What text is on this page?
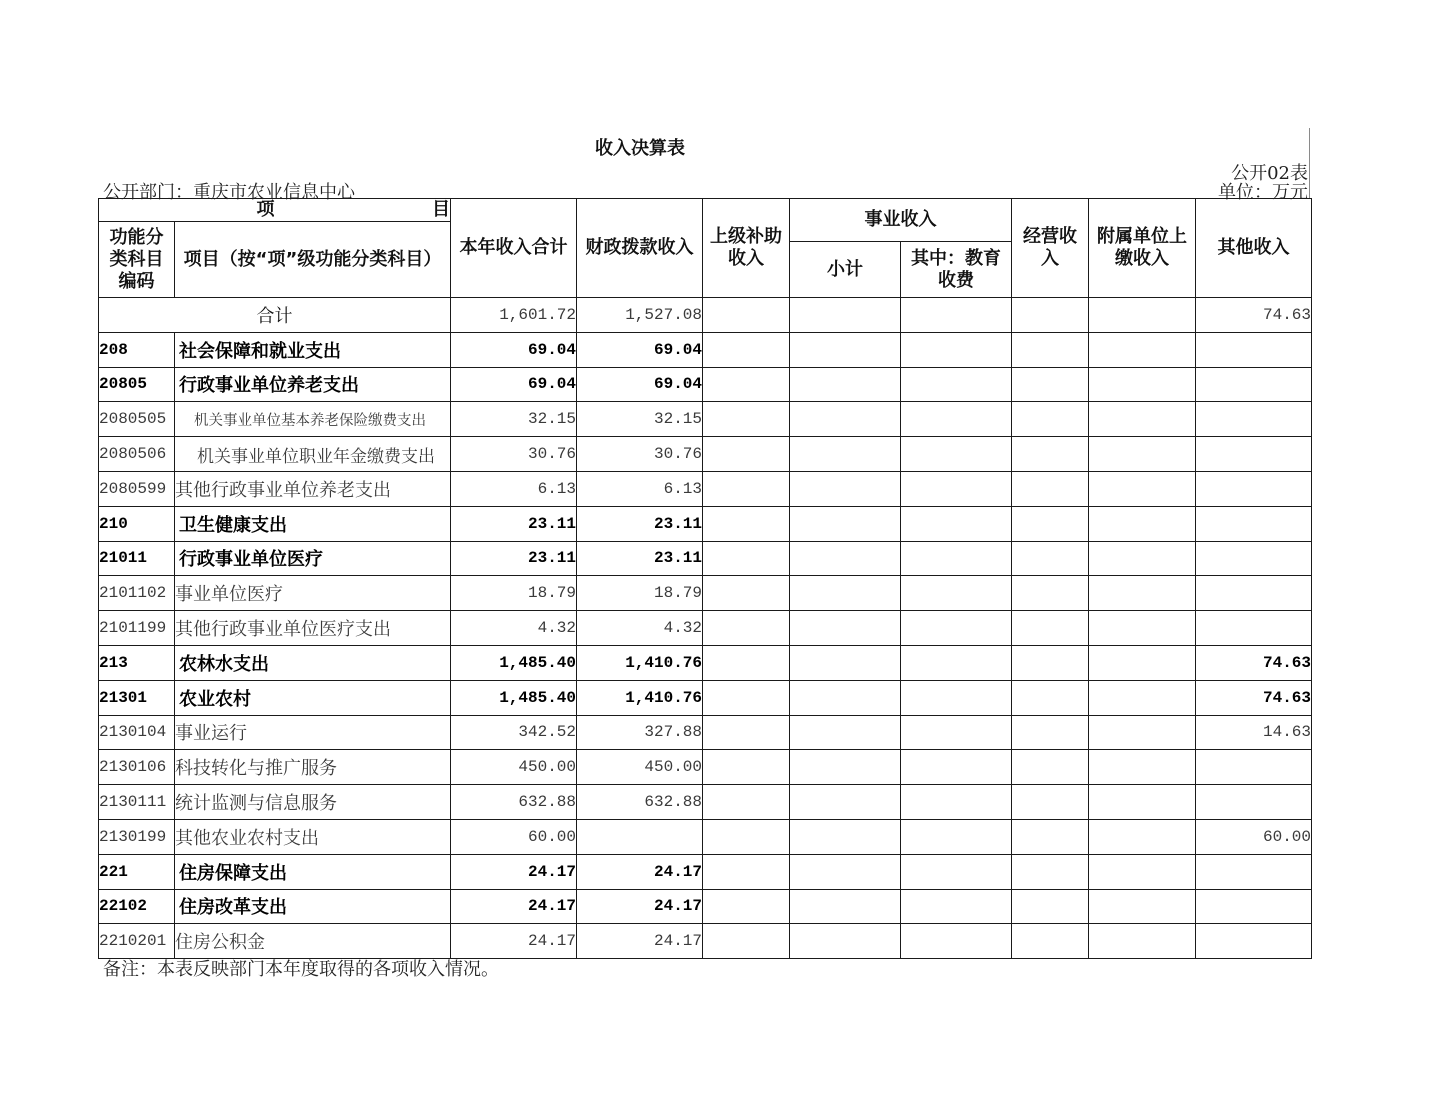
收入决算表
公开02表
公开部门：重庆市农业信息中心	单位：万元
项 目		本年收入合计	财政拨款收入	上级补助收入	事业收入		经营收入	附属单位上缴收入	其他收入
功能分类科目编码	项目（按“项”级功能分类科目）								
					小计	其中：教育收费			
合计		1,601.72	1,527.08						74.63
208	社会保障和就业支出	69.04	69.04						
20805	行政事业单位养老支出	69.04	69.04						
2080505	机关事业单位基本养老保险缴费支出	32.15	32.15						
2080506	机关事业单位职业年金缴费支出	30.76	30.76						
2080599	其他行政事业单位养老支出	6.13	6.13						
210	卫生健康支出	23.11	23.11						
21011	行政事业单位医疗	23.11	23.11						
2101102	事业单位医疗	18.79	18.79						
2101199	其他行政事业单位医疗支出	4.32	4.32						
213	农林水支出	1,485.40	1,410.76						74.63
21301	农业农村	1,485.40	1,410.76						74.63
2130104	事业运行	342.52	327.88						14.63
2130106	科技转化与推广服务	450.00	450.00						
2130111	统计监测与信息服务	632.88	632.88						
2130199	其他农业农村支出	60.00							60.00
221	住房保障支出	24.17	24.17						
22102	住房改革支出	24.17	24.17						
2210201	住房公积金	24.17	24.17						
备注：本表反映部门本年度取得的各项收入情况。
